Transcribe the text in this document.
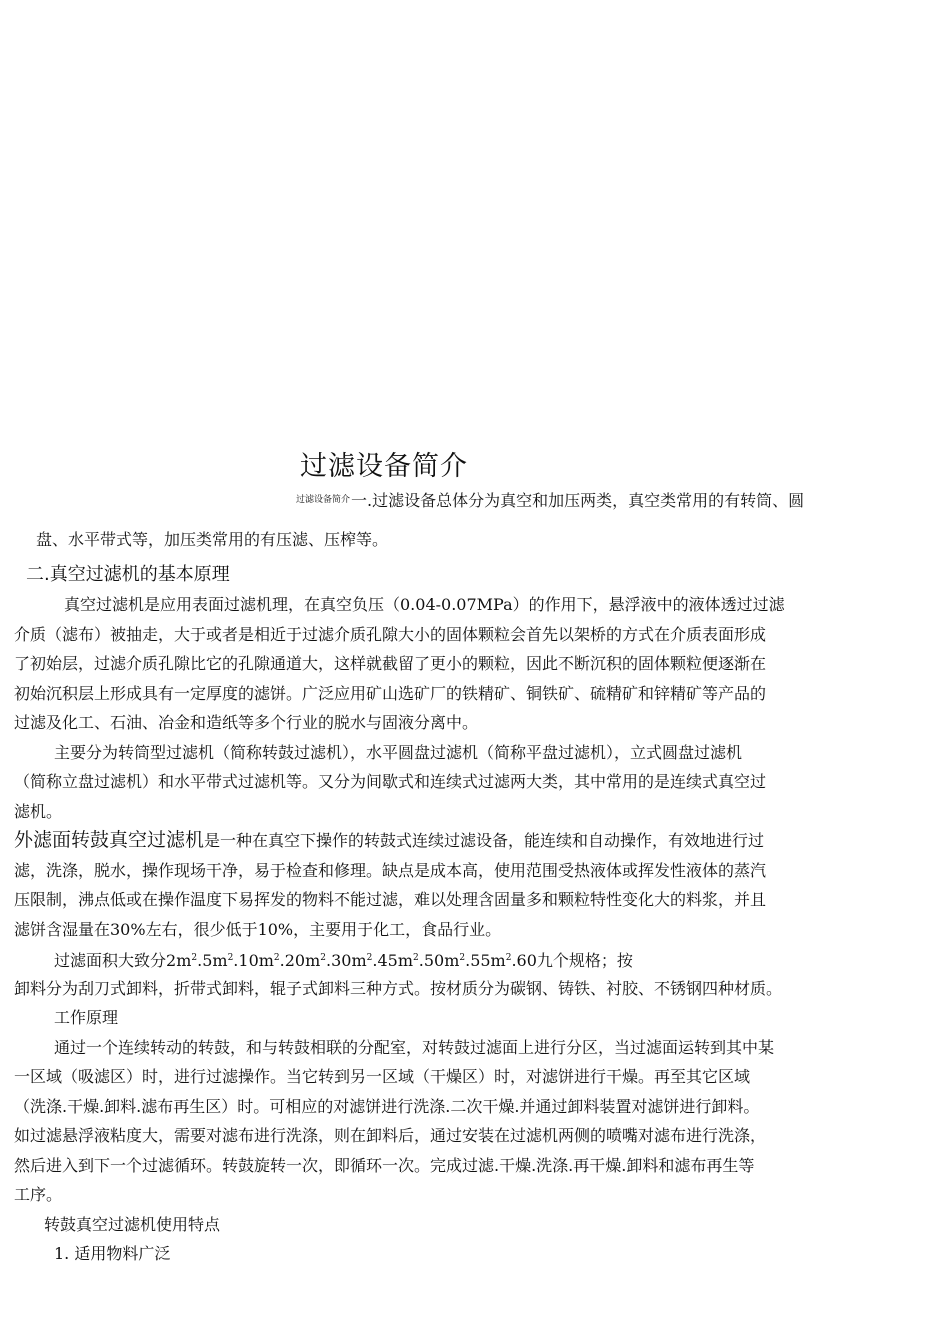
过滤设备简介
$^{过滤设备简介}$一.过滤设备总体分为真空和加压两类，真空类常用的有转筒、圆
盘、水平带式等，加压类常用的有压滤、压榨等。
二.真空过滤机的基本原理
真空过滤机是应用表面过滤机理，在真空负压（0.04-0.07MPa）的作用下，悬浮液中的液体透过过滤
介质（滤布）被抽走，大于或者是相近于过滤介质孔隙大小的固体颗粒会首先以架桥的方式在介质表面形成
了初始层，过滤介质孔隙比它的孔隙通道大，这样就截留了更小的颗粒，因此不断沉积的固体颗粒便逐渐在
初始沉积层上形成具有一定厚度的滤饼。广泛应用矿山选矿厂的铁精矿、铜铁矿、硫精矿和锌精矿等产品的
过滤及化工、石油、冶金和造纸等多个行业的脱水与固液分离中。
主要分为转筒型过滤机（简称转鼓过滤机），水平圆盘过滤机（简称平盘过滤机），立式圆盘过滤机
（简称立盘过滤机）和水平带式过滤机等。又分为间歇式和连续式过滤两大类，其中常用的是连续式真空过
滤机。
外滤面转鼓真空过滤机是一种在真空下操作的转鼓式连续过滤设备，能连续和自动操作，有效地进行过
滤，洗涤，脱水，操作现场干净，易于检查和修理。缺点是成本高，使用范围受热液体或挥发性液体的蒸汽
压限制，沸点低或在操作温度下易挥发的物料不能过滤，难以处理含固量多和颗粒特性变化大的料浆，并且
滤饼含湿量在30%左右，很少低于10%，主要用于化工，食品行业。
过滤面积大致分$2m^2.5m^2.10m^2.20m^2.30m^2.45m^2.50m^2.55m^2.60$九个规格；按
卸料分为刮刀式卸料，折带式卸料，辊子式卸料三种方式。按材质分为碳钢、铸铁、衬胶、不锈钢四种材质。
工作原理
通过一个连续转动的转鼓，和与转鼓相联的分配室，对转鼓过滤面上进行分区，当过滤面运转到其中某
一区域（吸滤区）时，进行过滤操作。当它转到另一区域（干燥区）时，对滤饼进行干燥。再至其它区域
（洗涤.干燥.卸料.滤布再生区）时。可相应的对滤饼进行洗涤.二次干燥.并通过卸料装置对滤饼进行卸料。
如过滤悬浮液粘度大，需要对滤布进行洗涤，则在卸料后，通过安装在过滤机两侧的喷嘴对滤布进行洗涤，
然后进入到下一个过滤循环。转鼓旋转一次，即循环一次。完成过滤.干燥.洗涤.再干燥.卸料和滤布再生等
工序。
转鼓真空过滤机使用特点
1. 适用物料广泛
